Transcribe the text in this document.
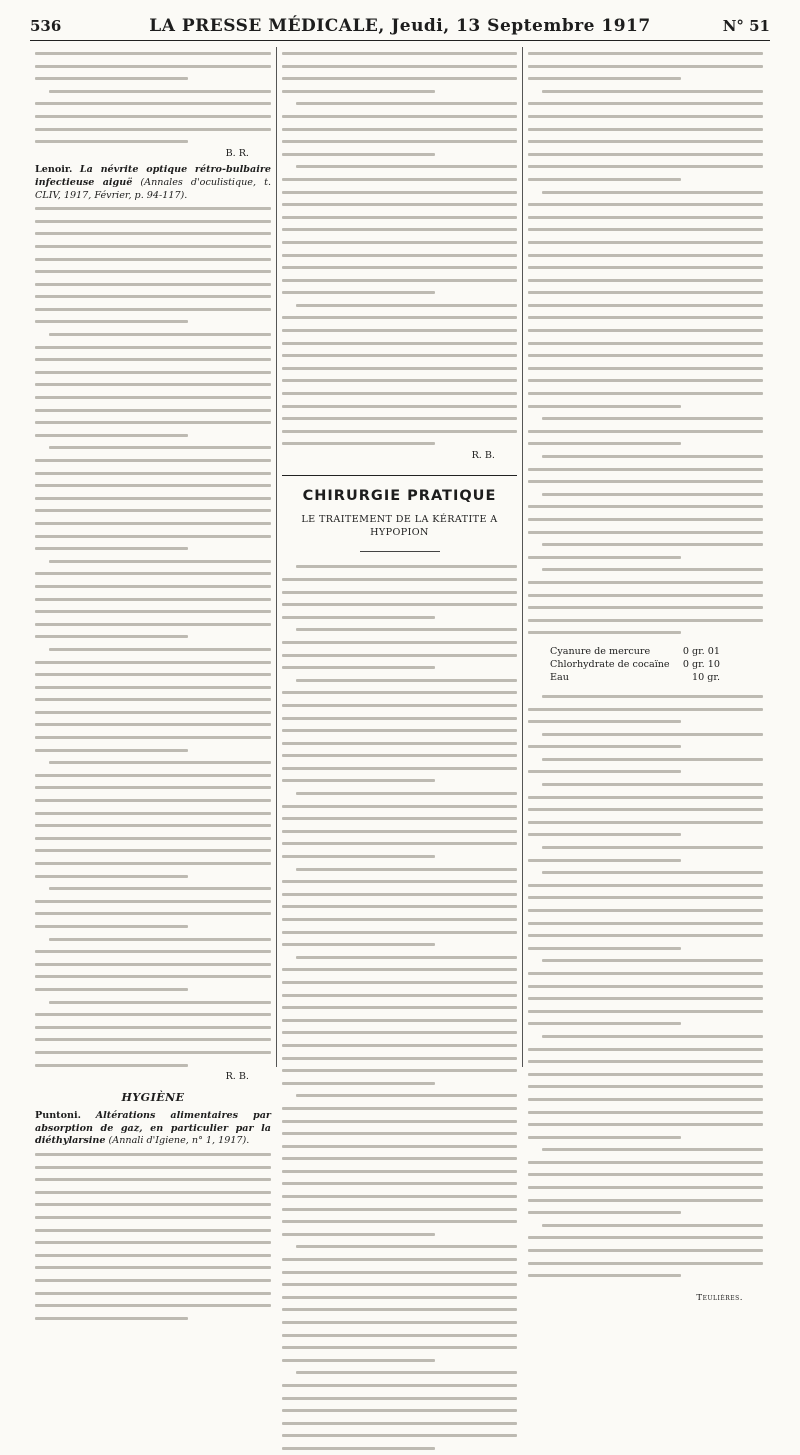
536	LA PRESSE MÉDICALE, Jeudi, 13 Septembre 1917	N° 51
B. R.
Lenoir. La névrite optique rétro-bulbaire infectieuse aiguë (Annales d'oculistique, t. CLIV, 1917, Février, p. 94-117).
R. B.
HYGIÈNE
Puntoni. Altérations alimentaires par absorption de gaz, en particulier par la diéthylarsine (Annali d'Igiene, n° 1, 1917).
R. B.
CHIRURGIE PRATIQUE
LE TRAITEMENT DE LA KÉRATITE A HYPOPION
Cyanure de mercure	0 gr. 01
Chlorhydrate de cocaïne 0 gr. 10
Eau	10 gr.
Teulières.
